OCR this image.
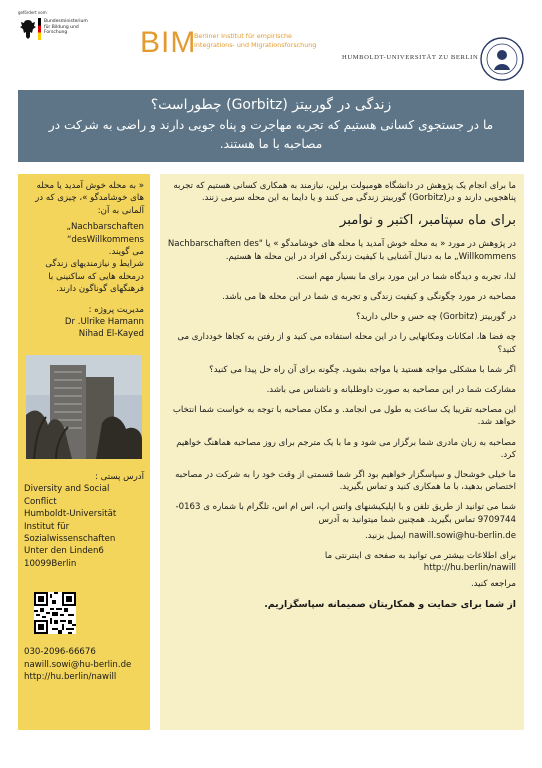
gefördert vom
Bundesministerium für Bildung und Forschung	BIM
Berliner Institut für empirische
Integrations- und Migrationsforschung
HUMBOLDT-UNIVERSITÄT ZU BERLIN
زندگی در گوربیتز (Gorbitz) چطوراست؟
ما در جستجوی کسانی هستیم که تجربه مهاجرت و پناه جویی دارند و راضی به شرکت در مصاحبه با ما هستند.
« به محله خوش آمدید یا محله های خوشامدگو »، چیزی که در آلمانی به آن:
„Nachbarschaften
“desWillkommens
می گویند.
شرایط و نیازمندیهای زندگی درمحله هایی که ساکنینی با فرهنگهای گوناگون دارند.
مدیریت پروژه :
Dr .Ulrike Hamann
Nihad El-Kayed
آدرس پستی :
Diversity and Social
Conflict
Humboldt-Universität
Institut für
Sozialwissenschaften
Unter den Linden6
10099Berlin
030-2096-66676
nawill.sowi@hu-berlin.de
http://hu.berlin/nawill

ما برای انجام یک پژوهش در دانشگاه هومبولت برلین، نیازمند به همکاری کسانی هستیم که تجربه پناهجویی دارند و در(Gorbitz) گوربیتز زندگی می کنند و یا دایما به این محله سرمی زنند.

برای ماه سپتامبر، اکتبر و نوامبر

در پژوهش در مورد « به محله خوش آمدید یا محله های خوشامدگو » یا "Nachbarschaften des Willkommens„ ما به دنبال آشنایی با کیفیت زندگی افراد در این محله ها هستیم.

لذا، تجربه و دیدگاه شما در این مورد برای ما بسیار مهم است.

مصاحبه در مورد چگونگی و کیفیت زندگی و تجربه ی شما در این محله ها می باشد.

در گوربیتز (Gorbitz) چه حس و حالی دارید؟

چه فضا ها، امکانات ومکانهایی را در این محله استفاده می کنید و از رفتن به کجاها خودداری می کنید؟

اگر شما با مشکلی مواجه هستید یا مواجه بشوید، چگونه برای آن راه حل پیدا می کنید؟

مشارکت شما در این مصاحبه به صورت داوطلبانه و ناشناس می باشد.

این مصاحبه تقریبا یک ساعت به طول می انجامد. و مکان مصاحبه با توجه به خواست شما انتخاب خواهد شد.

مصاحبه به زبان مادری شما برگزار می شود و ما با یک مترجم برای روز مصاحبه هماهنگ خواهیم کرد.

ما خیلی خوشحال و سپاسگزار خواهیم بود اگر شما قسمتی از وقت خود را به شرکت در مصاحبه اختصاص بدهید، با ما همکاری کنید و تماس بگیرید.

شما می توانید از طریق تلفن و با اپلیکیشنهای واتس اپ، اس ام اس، تلگرام با شماره ی 0163-9709744 تماس بگیرید. همچنین شما میتوانید به آدرس

nawill.sowi@hu-berlin.de ایمیل بزنید.

برای اطلاعات بیشتر می توانید به صفحه ی اینترنتی ما

http://hu.berlin/nawill

مراجعه کنید.

از شما برای حمایت و همکاریتان صمیمانه سپاسگزاریم.
